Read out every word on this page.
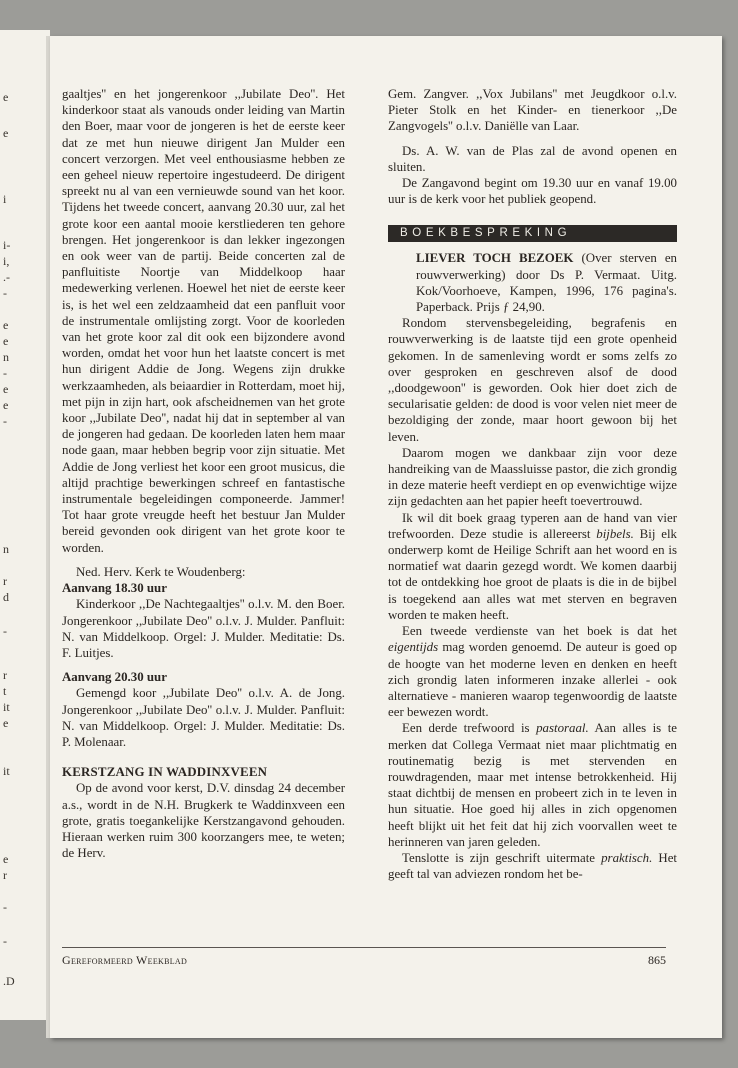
e
e
i
i-
i,
.-
-
e
e
n
-
e
e
-
n
r
d
-
r
t
it
e
it
e
r
-
-
.D

gaaltjes'' en het jongerenkoor ,,Jubilate Deo''. Het kinderkoor staat als vanouds onder leiding van Martin den Boer, maar voor de jongeren is het de eerste keer dat ze met hun nieuwe dirigent Jan Mulder een concert verzorgen. Met veel enthousiasme hebben ze een geheel nieuw repertoire ingestudeerd. De dirigent spreekt nu al van een vernieuwde sound van het koor. Tijdens het tweede concert, aanvang 20.30 uur, zal het grote koor een aantal mooie kerstliederen ten gehore brengen. Het jongerenkoor is dan lekker ingezongen en ook weer van de partij. Beide concerten zal de panfluitiste Noortje van Middelkoop haar medewerking verlenen. Hoewel het niet de eerste keer is, is het wel een zeldzaamheid dat een panfluit voor de instrumentale omlijsting zorgt. Voor de koorleden van het grote koor zal dit ook een bijzondere avond worden, omdat het voor hun het laatste concert is met hun dirigent Addie de Jong. Wegens zijn drukke werkzaamheden, als beiaardier in Rotterdam, moet hij, met pijn in zijn hart, ook afscheidnemen van het grote koor ,,Jubilate Deo'', nadat hij dat in september al van de jongeren had gedaan. De koorleden laten hem maar node gaan, maar hebben begrip voor zijn situatie. Met Addie de Jong verliest het koor een groot musicus, die altijd prachtige bewerkingen schreef en fantastische instrumentale begeleidingen componeerde. Jammer! Tot haar grote vreugde heeft het bestuur Jan Mulder bereid gevonden ook dirigent van het grote koor te worden.

Ned. Herv. Kerk te Woudenberg:

Aanvang 18.30 uur

Kinderkoor ,,De Nachtegaaltjes'' o.l.v. M. den Boer. Jongerenkoor ,,Jubilate Deo'' o.l.v. J. Mulder. Panfluit: N. van Middelkoop. Orgel: J. Mulder. Meditatie: Ds. F. Luitjes.

Aanvang 20.30 uur

Gemengd koor ,,Jubilate Deo'' o.l.v. A. de Jong. Jongerenkoor ,,Jubilate Deo'' o.l.v. J. Mulder. Panfluit: N. van Middelkoop. Orgel: J. Mulder. Meditatie: Ds. P. Molenaar.

KERSTZANG IN WADDINXVEEN

Op de avond voor kerst, D.V. dinsdag 24 december a.s., wordt in de N.H. Brugkerk te Waddinxveen een grote, gratis toegankelijke Kerstzangavond gehouden. Hieraan werken ruim 300 koorzangers mee, te weten; de Herv.

Gem. Zangver. ,,Vox Jubilans'' met Jeugdkoor o.l.v. Pieter Stolk en het Kinder- en tienerkoor ,,De Zangvogels'' o.l.v. Daniëlle van Laar.

Ds. A. W. van de Plas zal de avond openen en sluiten.

De Zangavond begint om 19.30 uur en vanaf 19.00 uur is de kerk voor het publiek geopend.

BOEKBESPREKING

LIEVER TOCH BEZOEK (Over sterven en rouwverwerking) door Ds P. Vermaat. Uitg. Kok/Voorhoeve, Kampen, 1996, 176 pagina's. Paperback. Prijs ƒ 24,90.

Rondom stervensbegeleiding, begrafenis en rouwverwerking is de laatste tijd een grote openheid gekomen. In de samenleving wordt er soms zelfs zo over gesproken en geschreven alsof de dood ,,doodgewoon'' is geworden. Ook hier doet zich de secularisatie gelden: de dood is voor velen niet meer de bezoldiging der zonde, maar hoort gewoon bij het leven.

Daarom mogen we dankbaar zijn voor deze handreiking van de Maassluisse pastor, die zich grondig in deze materie heeft verdiept en op evenwichtige wijze zijn gedachten aan het papier heeft toevertrouwd.

Ik wil dit boek graag typeren aan de hand van vier trefwoorden. Deze studie is allereerst bijbels. Bij elk onderwerp komt de Heilige Schrift aan het woord en is normatief wat daarin gezegd wordt. We komen daarbij tot de ontdekking hoe groot de plaats is die in de bijbel is toegekend aan alles wat met sterven en begraven worden te maken heeft.

Een tweede verdienste van het boek is dat het eigentijds mag worden genoemd. De auteur is goed op de hoogte van het moderne leven en denken en heeft zich grondig laten informeren inzake allerlei - ook alternatieve - manieren waarop tegenwoordig de laatste eer bewezen wordt.

Een derde trefwoord is pastoraal. Aan alles is te merken dat Collega Vermaat niet maar plichtmatig en routinematig bezig is met stervenden en rouwdragenden, maar met intense betrokkenheid. Hij staat dichtbij de mensen en probeert zich in te leven in hun situatie. Hoe goed hij alles in zich opgenomen heeft blijkt uit het feit dat hij zich voorvallen weet te herinneren van jaren geleden.

Tenslotte is zijn geschrift uitermate praktisch. Het geeft tal van adviezen rondom het be-

Gereformeerd Weekblad	865
